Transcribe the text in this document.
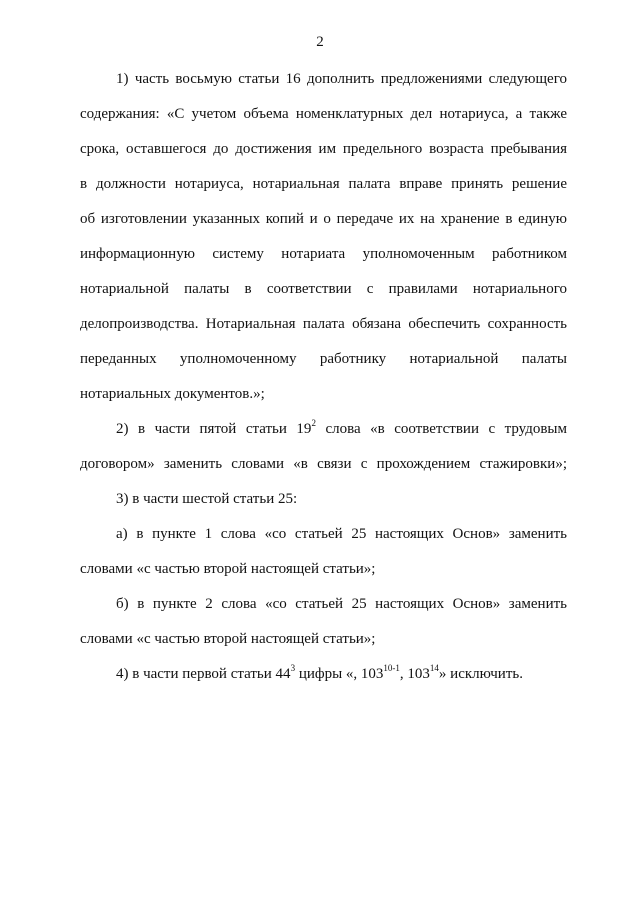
2
1) часть восьмую статьи 16 дополнить предложениями следующего
содержания: «С учетом объема номенклатурных дел нотариуса, а также
срока, оставшегося до достижения им предельного возраста пребывания
в должности нотариуса, нотариальная палата вправе принять решение
об изготовлении указанных копий и о передаче их на хранение в единую
информационную систему нотариата уполномоченным работником
нотариальной палаты в соответствии с правилами нотариального
делопроизводства. Нотариальная палата обязана обеспечить сохранность
переданных уполномоченному работнику нотариальной палаты
нотариальных документов.»;
2) в части пятой статьи $19^2$ слова «в соответствии с трудовым
договором» заменить словами «в связи с прохождением стажировки»;
3) в части шестой статьи 25:
а) в пункте 1 слова «со статьей 25 настоящих Основ» заменить
словами «с частью второй настоящей статьи»;
б) в пункте 2 слова «со статьей 25 настоящих Основ» заменить
словами «с частью второй настоящей статьи»;
4) в части первой статьи $44^3$ цифры «, 103$^{10-1}$, $103^{14}$» исключить.
